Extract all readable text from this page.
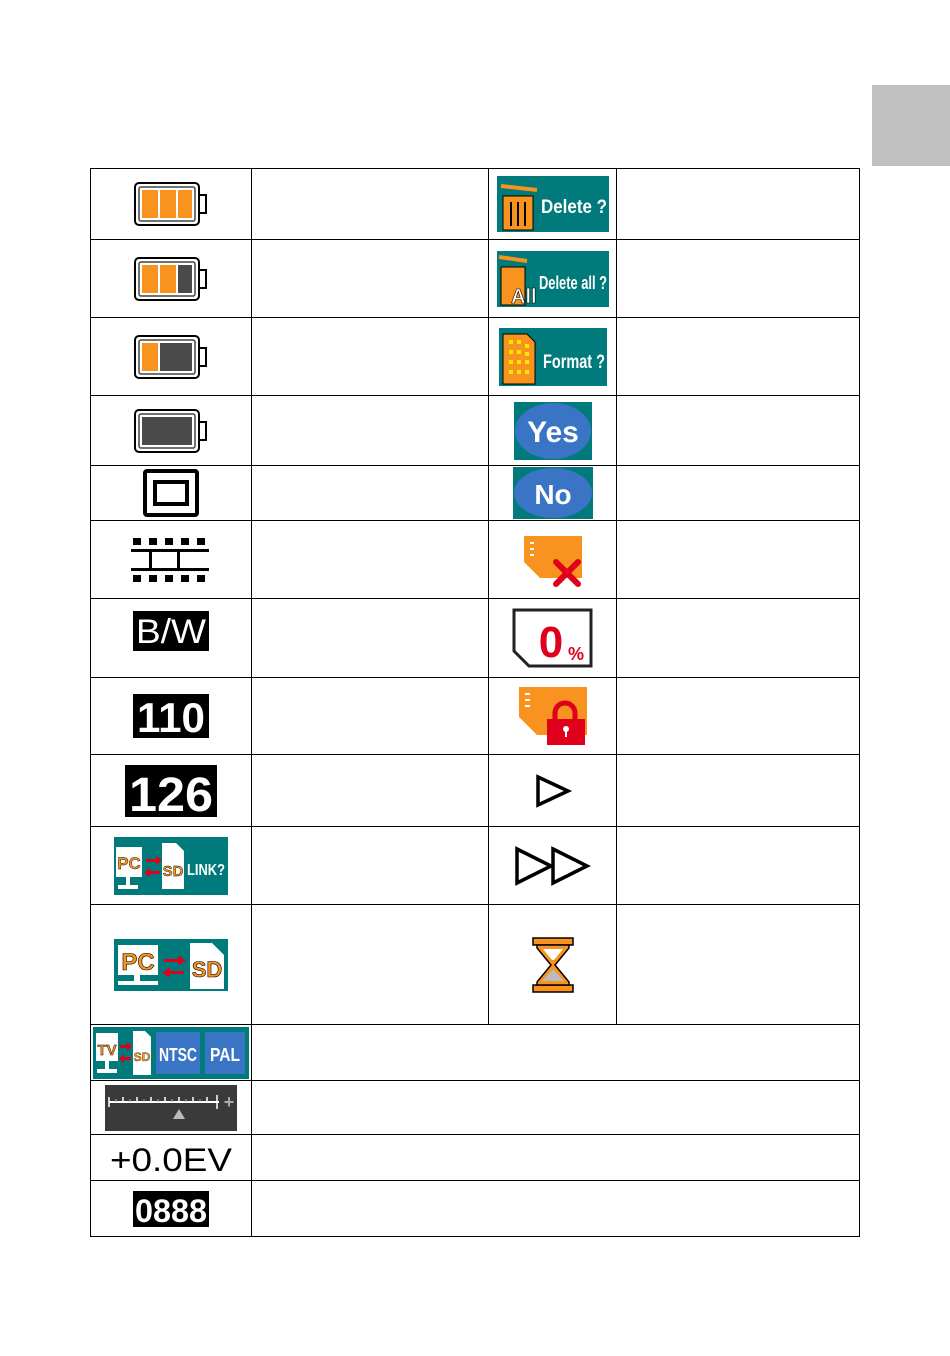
Delete ?	

All
Delete all ?	

Format ?	

Yes	

No	

B/W		0 %	

110

126

PC SD LINK?

PC SD

TV SD NTSC PAL			

+			

+0.0EV			

0888			
